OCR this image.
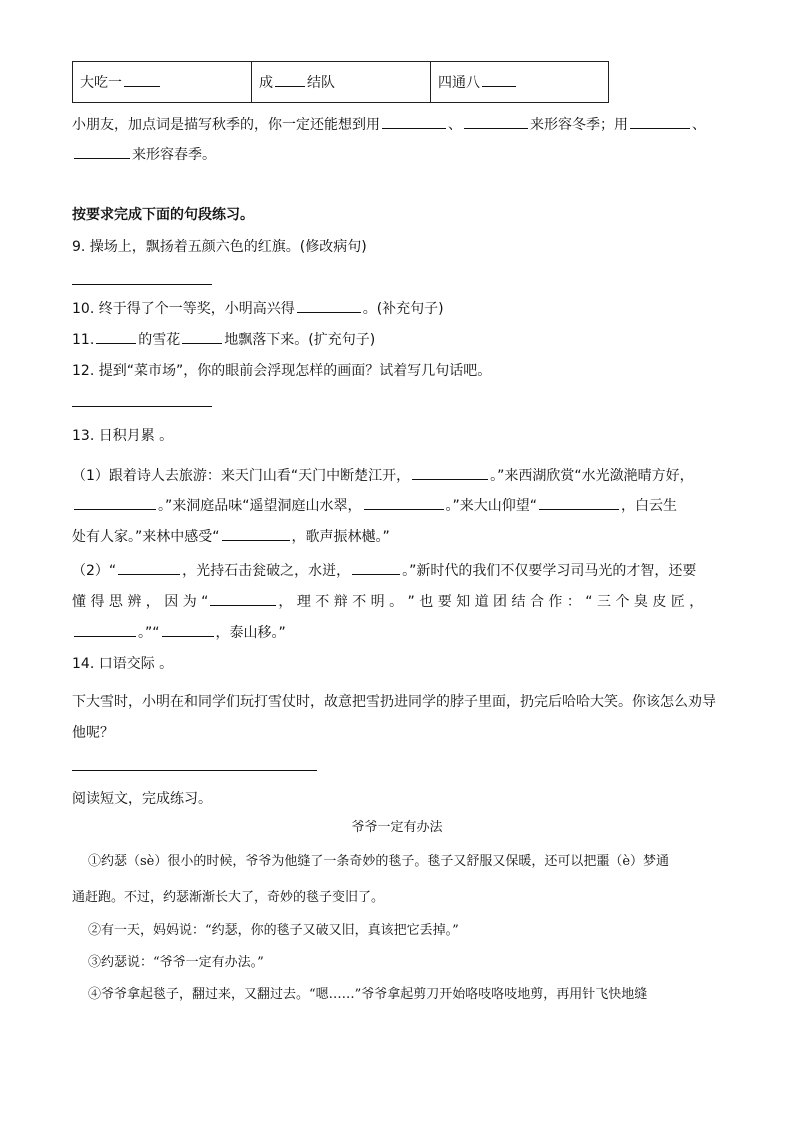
大吃一	成 结队	四通八
小朋友，加点词是描写秋季的，你一定还能想到用	、	来形容冬季；用	、
来形容春季。
按要求完成下面的句段练习。
9. 操场上，飘扬着五颜六色的红旗。(修改病句)
10. 终于得了个一等奖，小明高兴得	。(补充句子)
11.	的雪花	地飘落下来。(扩充句子)
12. 提到“菜市场”，你的眼前会浮现怎样的画面？试着写几句话吧。
13. 日积月累 。
（1）跟着诗人去旅游：来天门山看“天门中断楚江开，	。”来西湖欣赏“水光潋滟晴方好，
。”来洞庭品味“遥望洞庭山水翠，	。”来大山仰望“	，白云生
处有人家。”来林中感受“	，歌声振林樾。”
（2）“	，光持石击瓮破之，水迸，	。”新时代的我们不仅要学习司马光的才智，还要
懂 得 思 辨 ， 因 为 “	， 理 不 辩 不 明 。 ” 也 要 知 道 团 结 合 作 ： “ 三 个 臭 皮 匠 ，
。”“	，泰山移。”
14. 口语交际 。
下大雪时，小明在和同学们玩打雪仗时，故意把雪扔进同学的脖子里面，扔完后哈哈大笑。你该怎么劝导
他呢？
阅读短文，完成练习。
爷爷一定有办法
①约瑟（sè）很小的时候，爷爷为他缝了一条奇妙的毯子。毯子又舒服又保暖，还可以把噩（è）梦通
通赶跑。不过，约瑟渐渐长大了，奇妙的毯子变旧了。
②有一天，妈妈说：“约瑟，你的毯子又破又旧，真该把它丢掉。”
③约瑟说：“爷爷一定有办法。”
④爷爷拿起毯子，翻过来，又翻过去。“嗯……”爷爷拿起剪刀开始咯吱咯吱地剪，再用针飞快地缝
